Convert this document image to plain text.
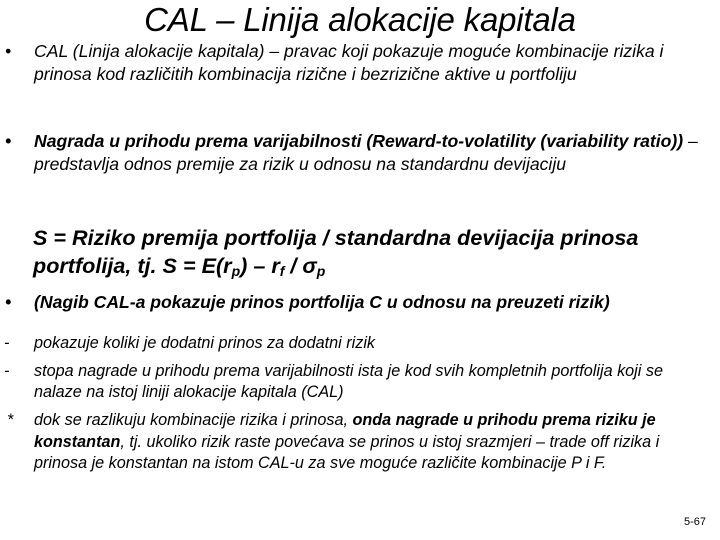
CAL – Linija alokacije kapitala
•	CAL (Linija alokacije kapitala) – pravac koji pokazuje moguće kombinacije rizika i prinosa kod različitih kombinacija rizične i bezrizične aktive u portfoliju
•	Nagrada u prihodu prema varijabilnosti (Reward-to-volatility (variability ratio)) – predstavlja odnos premije za rizik u odnosu na standardnu devijaciju
S = Riziko premija portfolija / standardna devijacija prinosa
portfolija, tj. $S = E(r_p) - r_f / \sigma_p$
•	(Nagib CAL-a pokazuje prinos portfolija C u odnosu na preuzeti rizik)
-	pokazuje koliki je dodatni prinos za dodatni rizik
-	stopa nagrade u prihodu prema varijabilnosti ista je kod svih kompletnih portfolija koji se nalaze na istoj liniji alokacije kapitala (CAL)
*	dok se razlikuju kombinacije rizika i prinosa, onda nagrade u prihodu prema riziku je konstantan, tj. ukoliko rizik raste povećava se prinos u istoj srazmjeri – trade off rizika i prinosa je konstantan na istom CAL-u za sve moguće različite kombinacije P i F.
5-67
